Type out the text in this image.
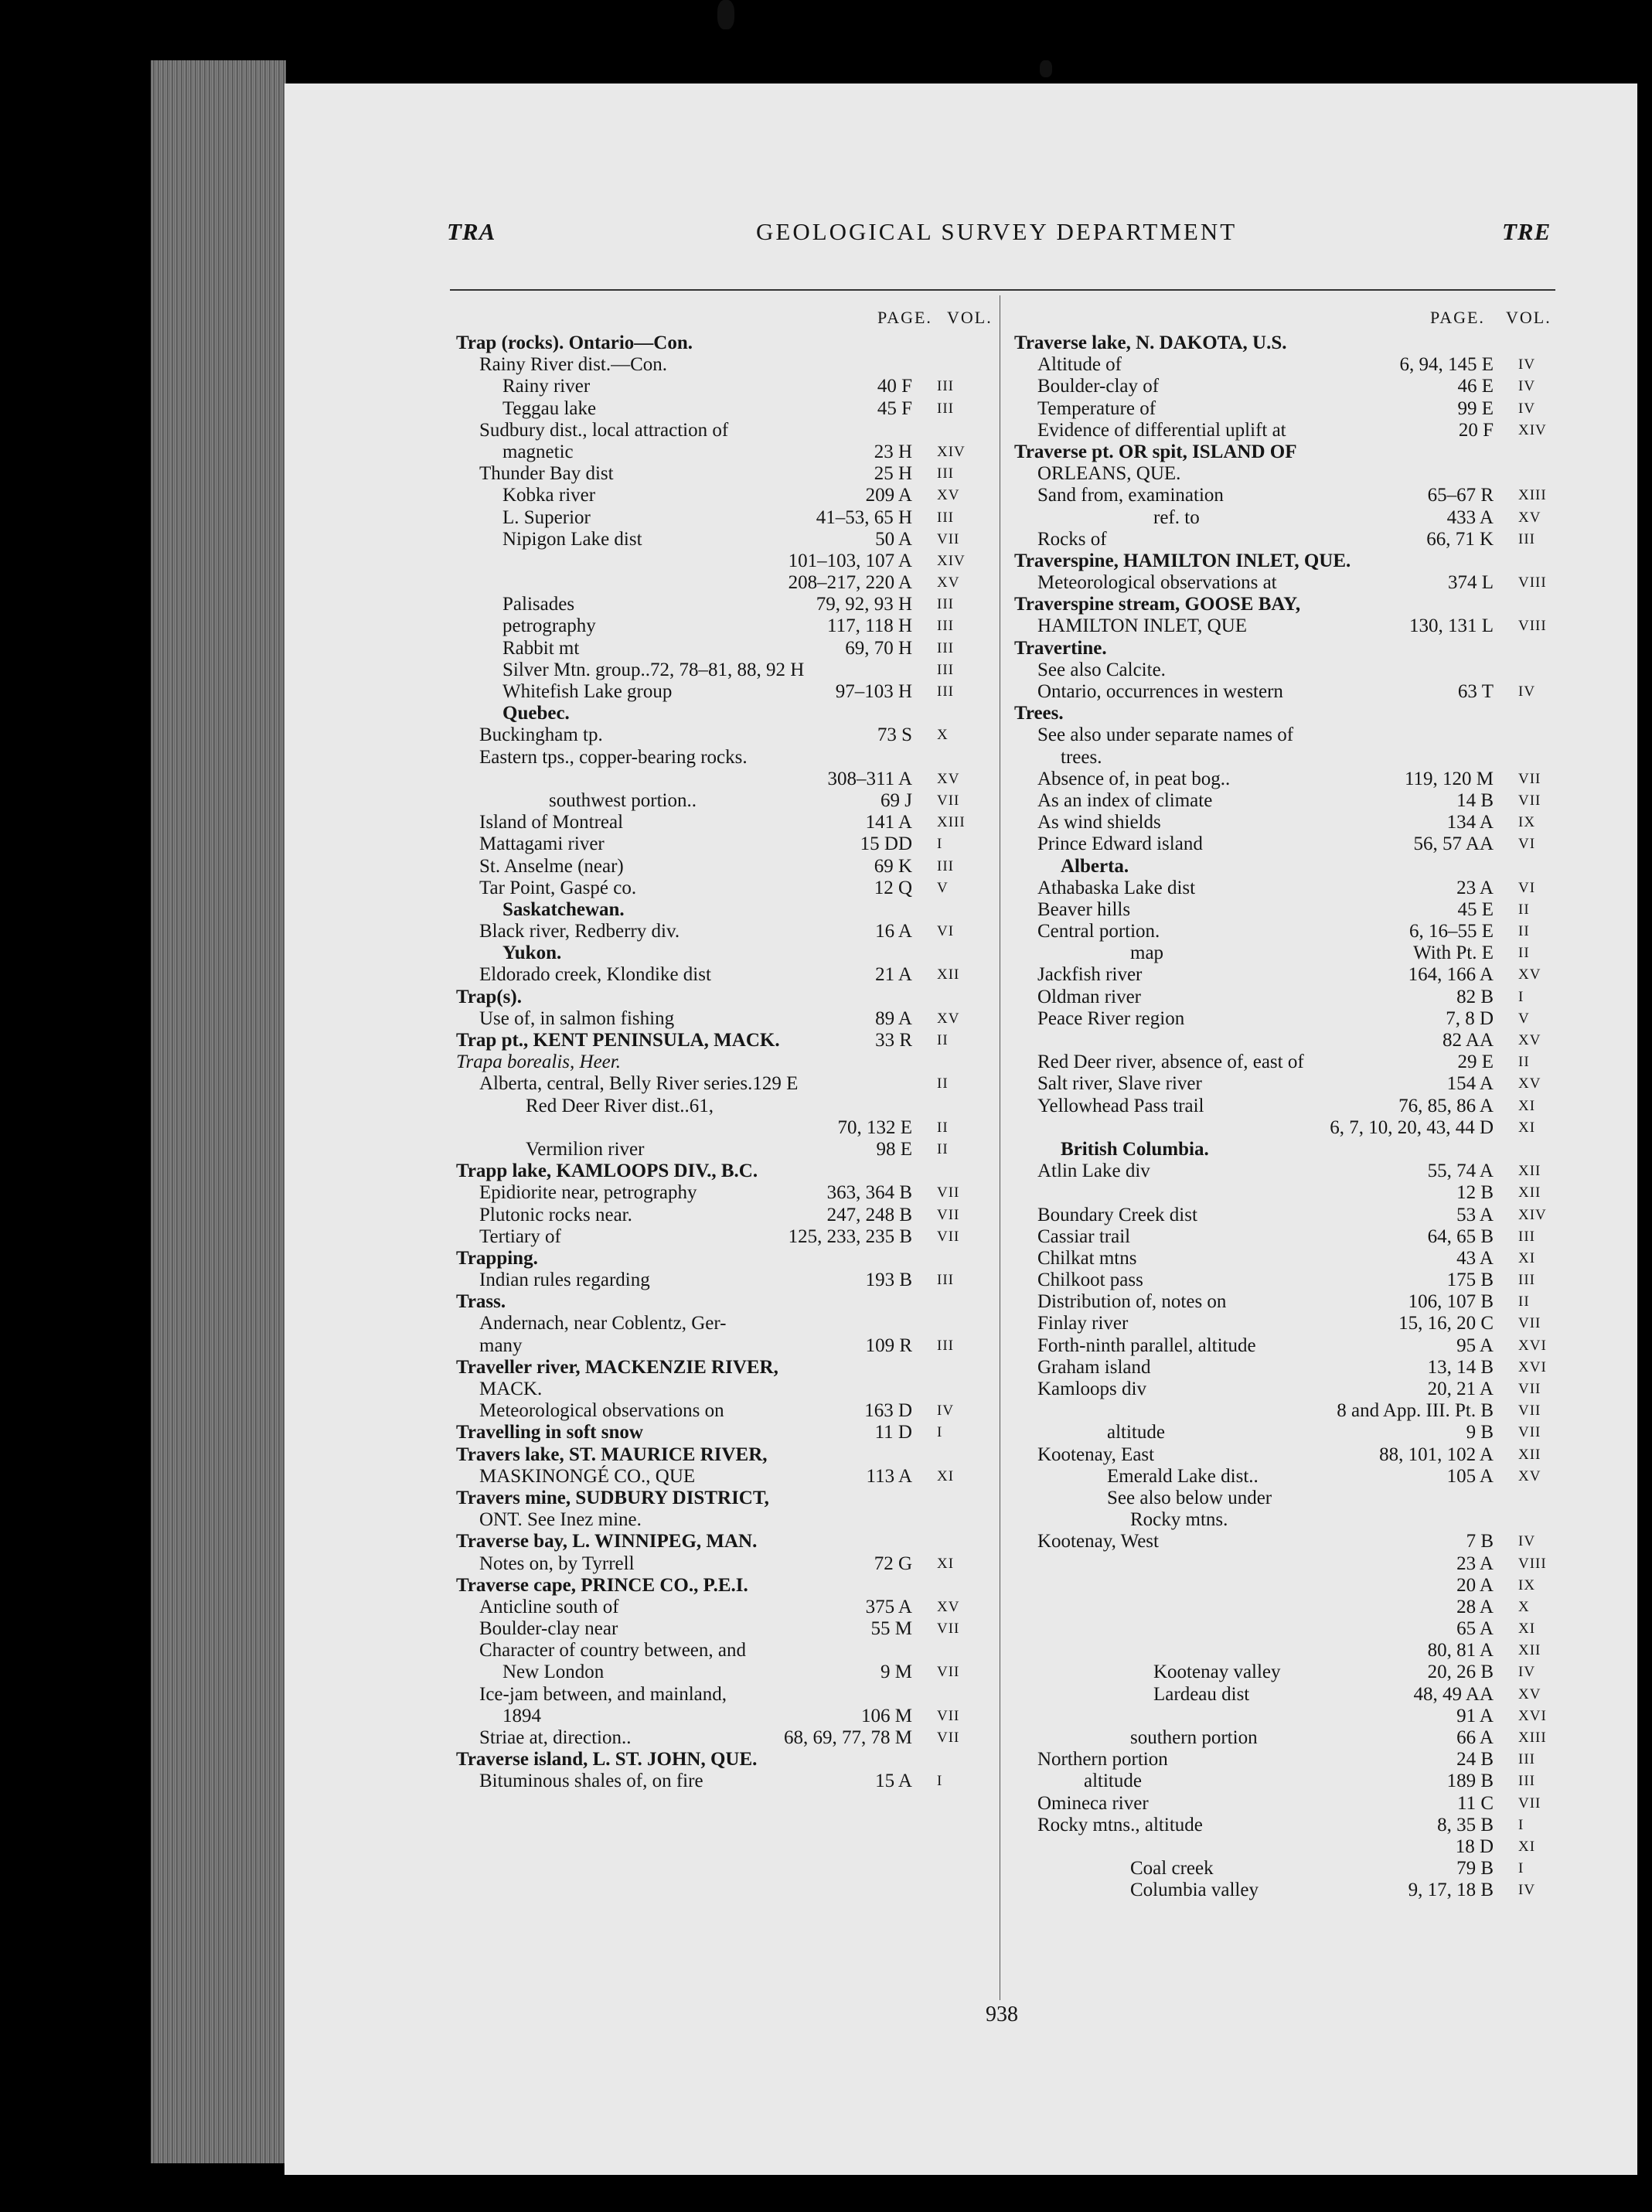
TRA	GEOLOGICAL SURVEY DEPARTMENT	TRE
PAGE. VOL.	PAGE. VOL.
Trap (rocks). Ontario—Con.
Rainy River dist.—Con.
Rainy river	40 F III
Teggau lake	45 F III
Sudbury dist., local attraction of
magnetic	23 H XIV
Thunder Bay dist	25 H III
Kobka river	209 A XV
L. Superior	41–53, 65 H III
Nipigon Lake dist	50 A VII
101–103, 107 A XIV
208–217, 220 A XV
Palisades	79, 92, 93 H III
petrography	117, 118 H III
Rabbit mt	69, 70 H III
Silver Mtn. group..72, 78–81, 88, 92 H	III
Whitefish Lake group	97–103 H III
Quebec.
Buckingham tp.	73 S X
Eastern tps., copper-bearing rocks.
308–311 A XV
southwest portion..	69 J VII
Island of Montreal	141 A XIII
Mattagami river	15 DD I
St. Anselme (near)	69 K III
Tar Point, Gaspé co.	12 Q V
Saskatchewan.
Black river, Redberry div.	16 A VI
Yukon.
Eldorado creek, Klondike dist	21 A XII
Trap(s).
Use of, in salmon fishing	89 A XV
Trap pt., KENT PENINSULA, MACK.	33 R II
Trapa borealis, Heer.
Alberta, central, Belly River series.129 E	II
Red Deer River dist..61,
70, 132 E II
Vermilion river	98 E II
Trapp lake, KAMLOOPS DIV., B.C.
Epidiorite near, petrography	363, 364 B VII
Plutonic rocks near.	247, 248 B VII
Tertiary of	125, 233, 235 B VII
Trapping.
Indian rules regarding	193 B III
Trass.
Andernach, near Coblentz, Ger-
many	109 R III
Traveller river, MACKENZIE RIVER,
MACK.
Meteorological observations on	163 D IV
Travelling in soft snow	11 D I
Travers lake, ST. MAURICE RIVER,
MASKINONGÉ CO., QUE	113 A XI
Travers mine, SUDBURY DISTRICT,
ONT. See Inez mine.
Traverse bay, L. WINNIPEG, MAN.
Notes on, by Tyrrell	72 G XI
Traverse cape, PRINCE CO., P.E.I.
Anticline south of	375 A XV
Boulder-clay near	55 M VII
Character of country between, and
New London	9 M VII
Ice-jam between, and mainland,
1894	106 M VII
Striae at, direction..	68, 69, 77, 78 M VII
Traverse island, L. ST. JOHN, QUE.
Bituminous shales of, on fire	15 A I
Traverse lake, N. DAKOTA, U.S.
Altitude of	6, 94, 145 E IV
Boulder-clay of	46 E IV
Temperature of	99 E IV
Evidence of differential uplift at	20 F XIV
Traverse pt. OR spit, ISLAND OF
ORLEANS, QUE.
Sand from, examination	65–67 R XIII
ref. to	433 A XV
Rocks of	66, 71 K III
Traverspine, HAMILTON INLET, QUE.
Meteorological observations at	374 L VIII
Traverspine stream, GOOSE BAY,
HAMILTON INLET, QUE	130, 131 L VIII
Travertine.
See also Calcite.
Ontario, occurrences in western	63 T IV
Trees.
See also under separate names of
trees.
Absence of, in peat bog..	119, 120 M VII
As an index of climate	14 B VII
As wind shields	134 A IX
Prince Edward island	56, 57 AA VI
Alberta.
Athabaska Lake dist	23 A VI
Beaver hills	45 E II
Central portion.	6, 16–55 E II
map	With Pt. E II
Jackfish river	164, 166 A XV
Oldman river	82 B I
Peace River region	7, 8 D V
82 AA XV
Red Deer river, absence of, east of	29 E II
Salt river, Slave river	154 A XV
Yellowhead Pass trail	76, 85, 86 A XI
6, 7, 10, 20, 43, 44 D XI
British Columbia.
Atlin Lake div	55, 74 A XII
12 B XII
Boundary Creek dist	53 A XIV
Cassiar trail	64, 65 B III
Chilkat mtns	43 A XI
Chilkoot pass	175 B III
Distribution of, notes on	106, 107 B II
Finlay river	15, 16, 20 C VII
Forth-ninth parallel, altitude	95 A XVI
Graham island	13, 14 B XVI
Kamloops div	20, 21 A VII
8 and App. III. Pt. B VII
altitude	9 B VII
Kootenay, East	88, 101, 102 A XII
Emerald Lake dist..	105 A XV
See also below under
Rocky mtns.
Kootenay, West	7 B IV
23 A VIII
20 A IX
28 A X
65 A XI
80, 81 A XII
Kootenay valley	20, 26 B IV
Lardeau dist	48, 49 AA XV
91 A XVI
southern portion	66 A XIII
Northern portion	24 B III
altitude	189 B III
Omineca river	11 C VII
Rocky mtns., altitude	8, 35 B I
18 D XI
Coal creek	79 B I
Columbia valley	9, 17, 18 B IV
938
